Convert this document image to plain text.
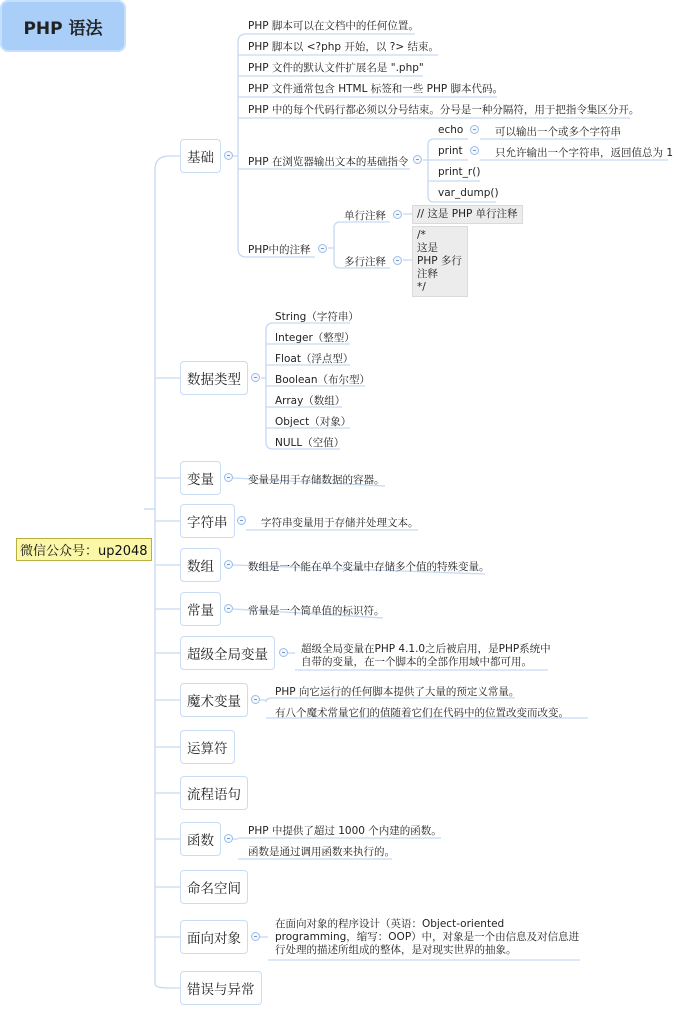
PHP 语法
微信公众号：up2048
基础
PHP 脚本可以在文档中的任何位置。
PHP 脚本以 <?php 开始，以 ?> 结束。
PHP 文件的默认文件扩展名是 ".php"
PHP 文件通常包含 HTML 标签和一些 PHP 脚本代码。
PHP 中的每个代码行都必须以分号结束。分号是一种分隔符，用于把指令集区分开。
PHP 在浏览器输出文本的基础指令
echo	可以输出一个或多个字符串
print	只允许输出一个字符串，返回值总为 1
print_r()
var_dump()
PHP中的注释
单行注释	// 这是 PHP 单行注释
多行注释
/*
这是
PHP 多行
注释
*/
数据类型
String（字符串）
Integer（整型）
Float（浮点型）
Boolean（布尔型）
Array（数组）
Object（对象）
NULL（空值）
变量	变量是用于存储数据的容器。
字符串	字符串变量用于存储并处理文本。
数组	数组是一个能在单个变量中存储多个值的特殊变量。
常量	常量是一个简单值的标识符。
超级全局变量	超级全局变量在PHP 4.1.0之后被启用，是PHP系统中
自带的变量，在一个脚本的全部作用域中都可用。
魔术变量
PHP 向它运行的任何脚本提供了大量的预定义常量。
有八个魔术常量它们的值随着它们在代码中的位置改变而改变。
运算符
流程语句
函数
PHP 中提供了超过 1000 个内建的函数。
函数是通过调用函数来执行的。
命名空间
面向对象
在面向对象的程序设计（英语：Object-oriented programming，缩写：OOP）中，对象是一个由信息及对信息进行处理的描述所组成的整体，是对现实世界的抽象。
错误与异常
